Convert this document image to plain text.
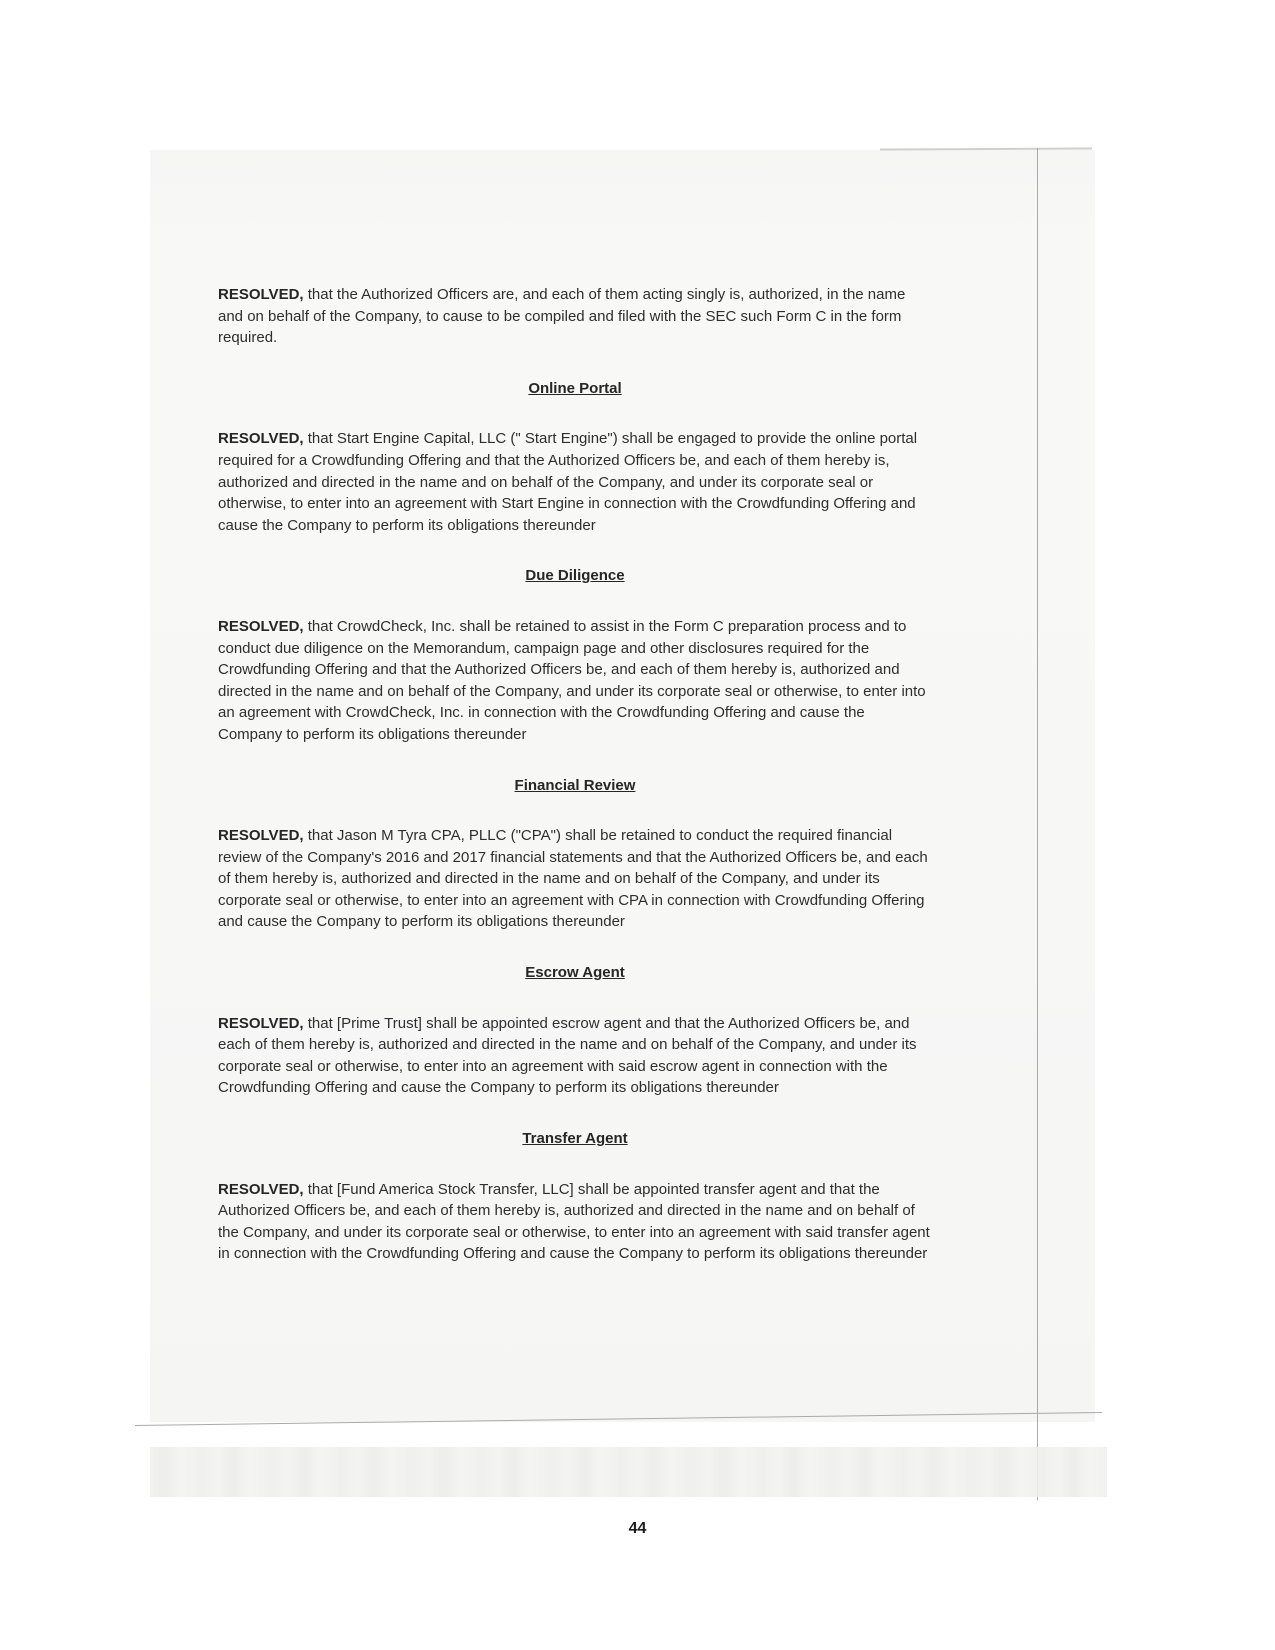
RESOLVED, that the Authorized Officers are, and each of them acting singly is, authorized, in the name and on behalf of the Company, to cause to be compiled and filed with the SEC such Form C in the form required.

Online Portal

RESOLVED, that Start Engine Capital, LLC (" Start Engine") shall be engaged to provide the online portal required for a Crowdfunding Offering and that the Authorized Officers be, and each of them hereby is, authorized and directed in the name and on behalf of the Company, and under its corporate seal or otherwise, to enter into an agreement with Start Engine in connection with the Crowdfunding Offering and cause the Company to perform its obligations thereunder

Due Diligence

RESOLVED, that CrowdCheck, Inc. shall be retained to assist in the Form C preparation process and to conduct due diligence on the Memorandum, campaign page and other disclosures required for the Crowdfunding Offering and that the Authorized Officers be, and each of them hereby is, authorized and directed in the name and on behalf of the Company, and under its corporate seal or otherwise, to enter into an agreement with CrowdCheck, Inc. in connection with the Crowdfunding Offering and cause the Company to perform its obligations thereunder

Financial Review

RESOLVED, that Jason M Tyra CPA, PLLC ("CPA") shall be retained to conduct the required financial review of the Company's 2016 and 2017 financial statements and that the Authorized Officers be, and each of them hereby is, authorized and directed in the name and on behalf of the Company, and under its corporate seal or otherwise, to enter into an agreement with CPA in connection with Crowdfunding Offering and cause the Company to perform its obligations thereunder

Escrow Agent

RESOLVED, that [Prime Trust] shall be appointed escrow agent and that the Authorized Officers be, and each of them hereby is, authorized and directed in the name and on behalf of the Company, and under its corporate seal or otherwise, to enter into an agreement with said escrow agent in connection with the Crowdfunding Offering and cause the Company to perform its obligations thereunder

Transfer Agent

RESOLVED, that [Fund America Stock Transfer, LLC] shall be appointed transfer agent and that the Authorized Officers be, and each of them hereby is, authorized and directed in the name and on behalf of the Company, and under its corporate seal or otherwise, to enter into an agreement with said transfer agent in connection with the Crowdfunding Offering and cause the Company to perform its obligations thereunder

44
